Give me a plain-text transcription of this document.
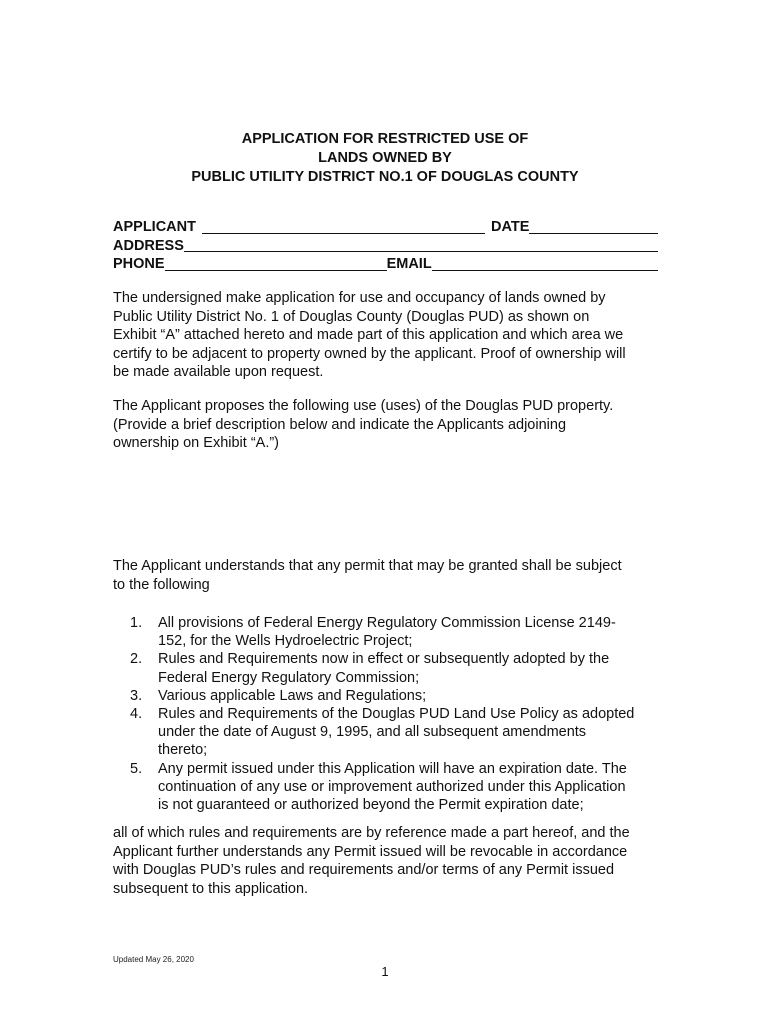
APPLICATION FOR RESTRICTED USE OF
LANDS OWNED BY
PUBLIC UTILITY DISTRICT NO.1 OF DOUGLAS COUNTY
APPLICANT	DATE
ADDRESS
PHONE	EMAIL
The undersigned make application for use and occupancy of lands owned by
Public Utility District No. 1 of Douglas County (Douglas PUD) as shown on
Exhibit “A” attached hereto and made part of this application and which area we
certify to be adjacent to property owned by the applicant. Proof of ownership will
be made available upon request.
The Applicant proposes the following use (uses) of the Douglas PUD property.
(Provide a brief description below and indicate the Applicants adjoining
ownership on Exhibit “A.”)
The Applicant understands that any permit that may be granted shall be subject
to the following
1.	All provisions of Federal Energy Regulatory Commission License 2149-
152, for the Wells Hydroelectric Project;
2.	Rules and Requirements now in effect or subsequently adopted by the
Federal Energy Regulatory Commission;
3.	Various applicable Laws and Regulations;
4.	Rules and Requirements of the Douglas PUD Land Use Policy as adopted
under the date of August 9, 1995, and all subsequent amendments
thereto;
5.	Any permit issued under this Application will have an expiration date. The
continuation of any use or improvement authorized under this Application
is not guaranteed or authorized beyond the Permit expiration date;
all of which rules and requirements are by reference made a part hereof, and the
Applicant further understands any Permit issued will be revocable in accordance
with Douglas PUD’s rules and requirements and/or terms of any Permit issued
subsequent to this application.
Updated May 26, 2020
1
